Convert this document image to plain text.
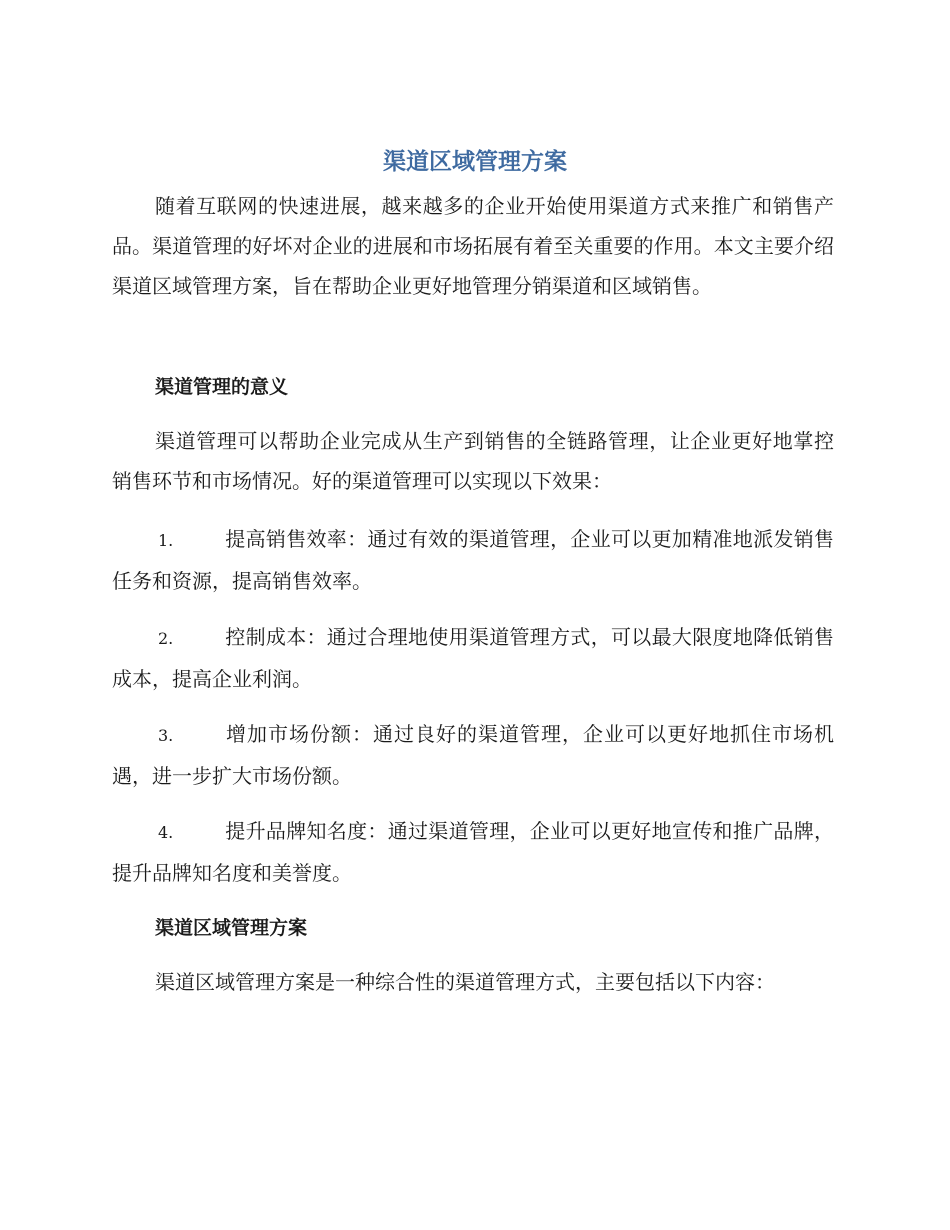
渠道区域管理方案

随着互联网的快速进展，越来越多的企业开始使用渠道方式来推广和销售产品。渠道管理的好坏对企业的进展和市场拓展有着至关重要的作用。本文主要介绍渠道区域管理方案，旨在帮助企业更好地管理分销渠道和区域销售。

渠道管理的意义

渠道管理可以帮助企业完成从生产到销售的全链路管理，让企业更好地掌控销售环节和市场情况。好的渠道管理可以实现以下效果：

1.	提高销售效率：通过有效的渠道管理，企业可以更加精准地派发销售任务和资源，提高销售效率。

2.	控制成本：通过合理地使用渠道管理方式，可以最大限度地降低销售成本，提高企业利润。

3.	增加市场份额：通过良好的渠道管理，企业可以更好地抓住市场机遇，进一步扩大市场份额。

4.	提升品牌知名度：通过渠道管理，企业可以更好地宣传和推广品牌，提升品牌知名度和美誉度。

渠道区域管理方案

渠道区域管理方案是一种综合性的渠道管理方式，主要包括以下内容：
